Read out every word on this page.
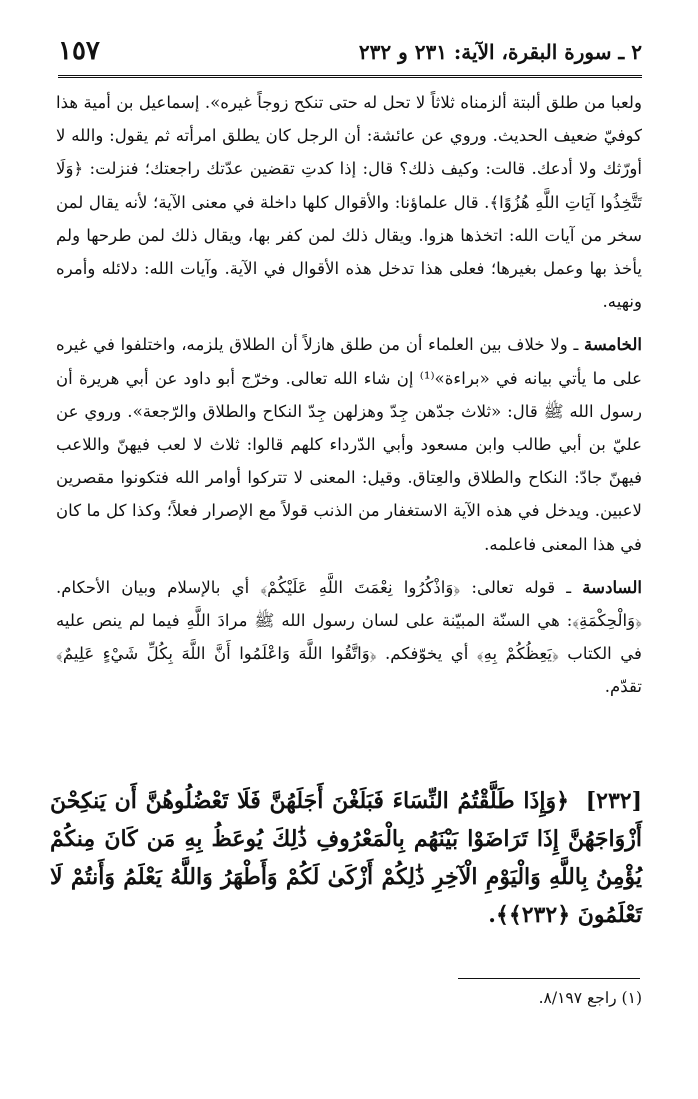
٢ ـ سورة البقرة، الآية: ٢٣١ و ٢٣٢
١٥٧

ولعبا من طلق ألبتة ألزمناه ثلاثاً لا تحل له حتى تنكح زوجاً غيره». إسماعيل بن أمية هذا كوفيّ ضعيف الحديث. وروي عن عائشة: أن الرجل كان يطلق امرأته ثم يقول: والله لا أورّثك ولا أدعك. قالت: وكيف ذلك؟ قال: إذا كدتِ تقضين عدّتك راجعتك؛ فنزلت: ﴿وَلَا تَتَّخِذُوا آيَاتِ اللَّهِ هُزُوًا﴾. قال علماؤنا: والأقوال كلها داخلة في معنى الآية؛ لأنه يقال لمن سخر من آيات الله: اتخذها هزوا. ويقال ذلك لمن كفر بها، ويقال ذلك لمن طرحها ولم يأخذ بها وعمل بغيرها؛ فعلى هذا تدخل هذه الأقوال في الآية. وآيات الله: دلائله وأمره ونهيه.

الخامسة ـ ولا خلاف بين العلماء أن من طلق هازلاً أن الطلاق يلزمه، واختلفوا في غيره على ما يأتي بيانه في «براءة»⁽¹⁾ إن شاء الله تعالى. وخرّج أبو داود عن أبي هريرة أن رسول الله ﷺ قال: «ثلاث جدّهن جِدّ وهزلهن جِدّ النكاح والطلاق والرّجعة». وروي عن عليّ بن أبي طالب وابن مسعود وأبي الدّرداء كلهم قالوا: ثلاث لا لعب فيهنّ واللاعب فيهنّ جادّ: النكاح والطلاق والعِتاق. وقيل: المعنى لا تتركوا أوامر الله فتكونوا مقصرين لاعبين. ويدخل في هذه الآية الاستغفار من الذنب قولاً مع الإصرار فعلاً؛ وكذا كل ما كان في هذا المعنى فاعلمه.

السادسة ـ قوله تعالى: ﴿وَاذْكُرُوا نِعْمَتَ اللَّهِ عَلَيْكُمْ﴾ أي بالإسلام وبيان الأحكام. ﴿وَالْحِكْمَةِ﴾: هي السنّة المبيّنة على لسان رسول الله ﷺ مرادَ اللَّهِ فيما لم ينص عليه في الكتاب ﴿يَعِظُكُمْ بِهِ﴾ أي يخوّفكم. ﴿وَاتَّقُوا اللَّهَ وَاعْلَمُوا أَنَّ اللَّهَ بِكُلِّ شَيْءٍ عَلِيمٌ﴾ تقدّم.

[٢٣٢] ﴿وَإِذَا طَلَّقْتُمُ النِّسَاءَ فَبَلَغْنَ أَجَلَهُنَّ فَلَا تَعْضُلُوهُنَّ أَن يَنكِحْنَ أَزْوَاجَهُنَّ إِذَا تَرَاضَوْا بَيْنَهُم بِالْمَعْرُوفِ ذَٰلِكَ يُوعَظُ بِهِ مَن كَانَ مِنكُمْ يُؤْمِنُ بِاللَّهِ وَالْيَوْمِ الْآخِرِ ذَٰلِكُمْ أَزْكَىٰ لَكُمْ وَأَطْهَرُ وَاللَّهُ يَعْلَمُ وَأَنتُمْ لَا تَعْلَمُونَ ﴿٢٣٢﴾﴾.
(١) راجع ٨/١٩٧.
